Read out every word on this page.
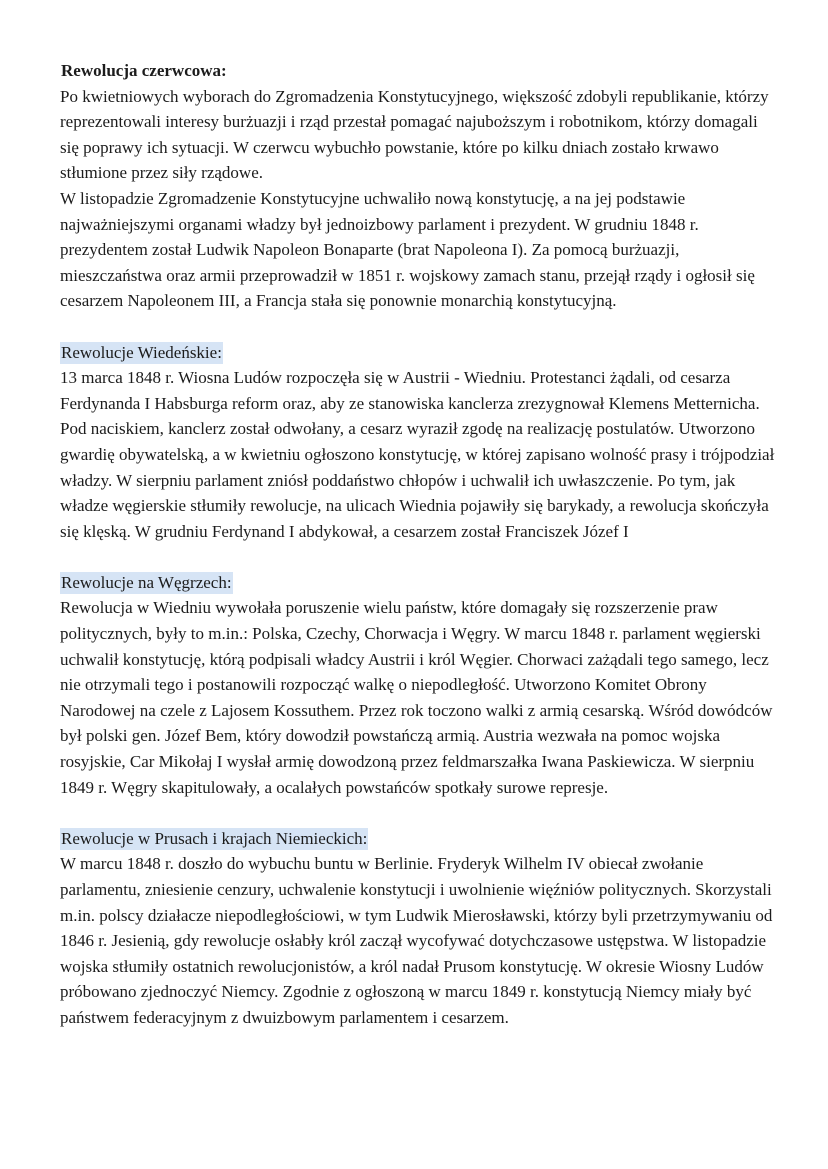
Rewolucja czerwcowa:

Po kwietniowych wyborach do Zgromadzenia Konstytucyjnego, większość zdobyli republikanie, którzy reprezentowali interesy burżuazji i rząd przestał pomagać najuboższym i robotnikom, którzy domagali się poprawy ich sytuacji. W czerwcu wybuchło powstanie, które po kilku dniach zostało krwawo stłumione przez siły rządowe.

W listopadzie Zgromadzenie Konstytucyjne uchwaliło nową konstytucję, a na jej podstawie najważniejszymi organami władzy był jednoizbowy parlament i prezydent. W grudniu 1848 r. prezydentem został Ludwik Napoleon Bonaparte (brat Napoleona I). Za pomocą burżuazji, mieszczaństwa oraz armii przeprowadził w 1851 r. wojskowy zamach stanu, przejął rządy i ogłosił się cesarzem Napoleonem III, a Francja stała się ponownie monarchią konstytucyjną.

Rewolucje Wiedeńskie:

13 marca 1848 r. Wiosna Ludów rozpoczęła się w Austrii - Wiedniu. Protestanci żądali, od cesarza Ferdynanda I Habsburga reform oraz, aby ze stanowiska kanclerza zrezygnował Klemens Metternicha. Pod naciskiem, kanclerz został odwołany, a cesarz wyraził zgodę na realizację postulatów. Utworzono gwardię obywatelską, a w kwietniu ogłoszono konstytucję, w której zapisano wolność prasy i trójpodział władzy. W sierpniu parlament zniósł poddaństwo chłopów i uchwalił ich uwłaszczenie. Po tym, jak władze węgierskie stłumiły rewolucje, na ulicach Wiednia pojawiły się barykady, a rewolucja skończyła się klęską. W grudniu Ferdynand I abdykował, a cesarzem został Franciszek Józef I

Rewolucje na Węgrzech:

Rewolucja w Wiedniu wywołała poruszenie wielu państw, które domagały się rozszerzenie praw politycznych, były to m.in.: Polska, Czechy, Chorwacja i Węgry. W marcu 1848 r. parlament węgierski uchwalił konstytucję, którą podpisali władcy Austrii i król Węgier. Chorwaci zażądali tego samego, lecz nie otrzymali tego i postanowili rozpocząć walkę o niepodległość. Utworzono Komitet Obrony Narodowej na czele z Lajosem Kossuthem. Przez rok toczono walki z armią cesarską. Wśród dowódców był polski gen. Józef Bem, który dowodził powstańczą armią. Austria wezwała na pomoc wojska rosyjskie, Car Mikołaj I wysłał armię dowodzoną przez feldmarszałka Iwana Paskiewicza. W sierpniu 1849 r. Węgry skapitulowały, a ocalałych powstańców spotkały surowe represje.

Rewolucje w Prusach i krajach Niemieckich:

W marcu 1848 r. doszło do wybuchu buntu w Berlinie. Fryderyk Wilhelm IV obiecał zwołanie parlamentu, zniesienie cenzury, uchwalenie konstytucji i uwolnienie więźniów politycznych. Skorzystali m.in. polscy działacze niepodległościowi, w tym Ludwik Mierosławski, którzy byli przetrzymywaniu od 1846 r. Jesienią, gdy rewolucje osłabły król zaczął wycofywać dotychczasowe ustępstwa. W listopadzie wojska stłumiły ostatnich rewolucjonistów, a król nadał Prusom konstytucję. W okresie Wiosny Ludów próbowano zjednoczyć Niemcy. Zgodnie z ogłoszoną w marcu 1849 r. konstytucją Niemcy miały być państwem federacyjnym z dwuizbowym parlamentem i cesarzem.
